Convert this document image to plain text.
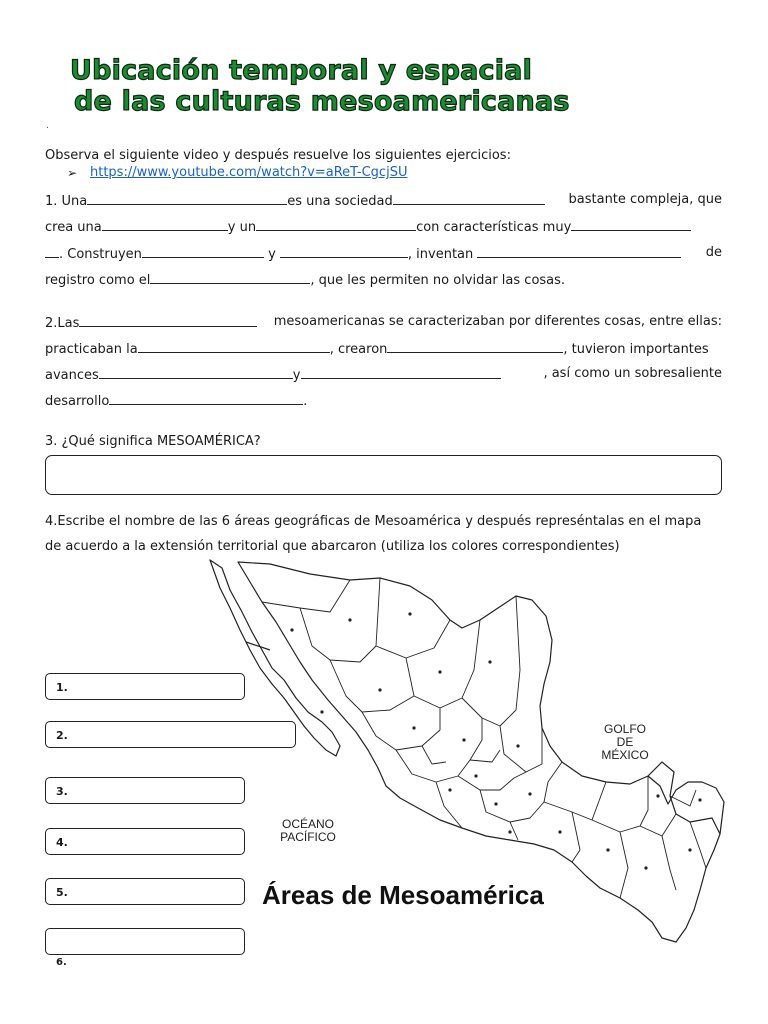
Ubicación temporal y espacial
de las culturas mesoamericanas
.
Observa el siguiente video y después resuelve los siguientes ejercicios:
➢ https://www.youtube.com/watch?v=aReT-CgcjSU
1. Una	es una sociedad	bastante compleja, que
crea una	y un	con características muy
. Construyen	y	, inventan	de
registro como el	, que les permiten no olvidar las cosas.
2.Las	mesoamericanas se caracterizaban por diferentes cosas, entre ellas:
practicaban la	, crearon	, tuvieron importantes
avances	y	, así como un sobresaliente
desarrollo	.
3. ¿Qué significa MESOAMÉRICA?
4.Escribe el nombre de las 6 áreas geográficas de Mesoamérica y después represéntalas en el mapa
de acuerdo a la extensión territorial que abarcaron (utiliza los colores correspondientes)
GOLFO
DE
MÉXICO
OCÉANO
PACÍFICO
Áreas de Mesoamérica
1.
2.
3.
4.
5.
6.
